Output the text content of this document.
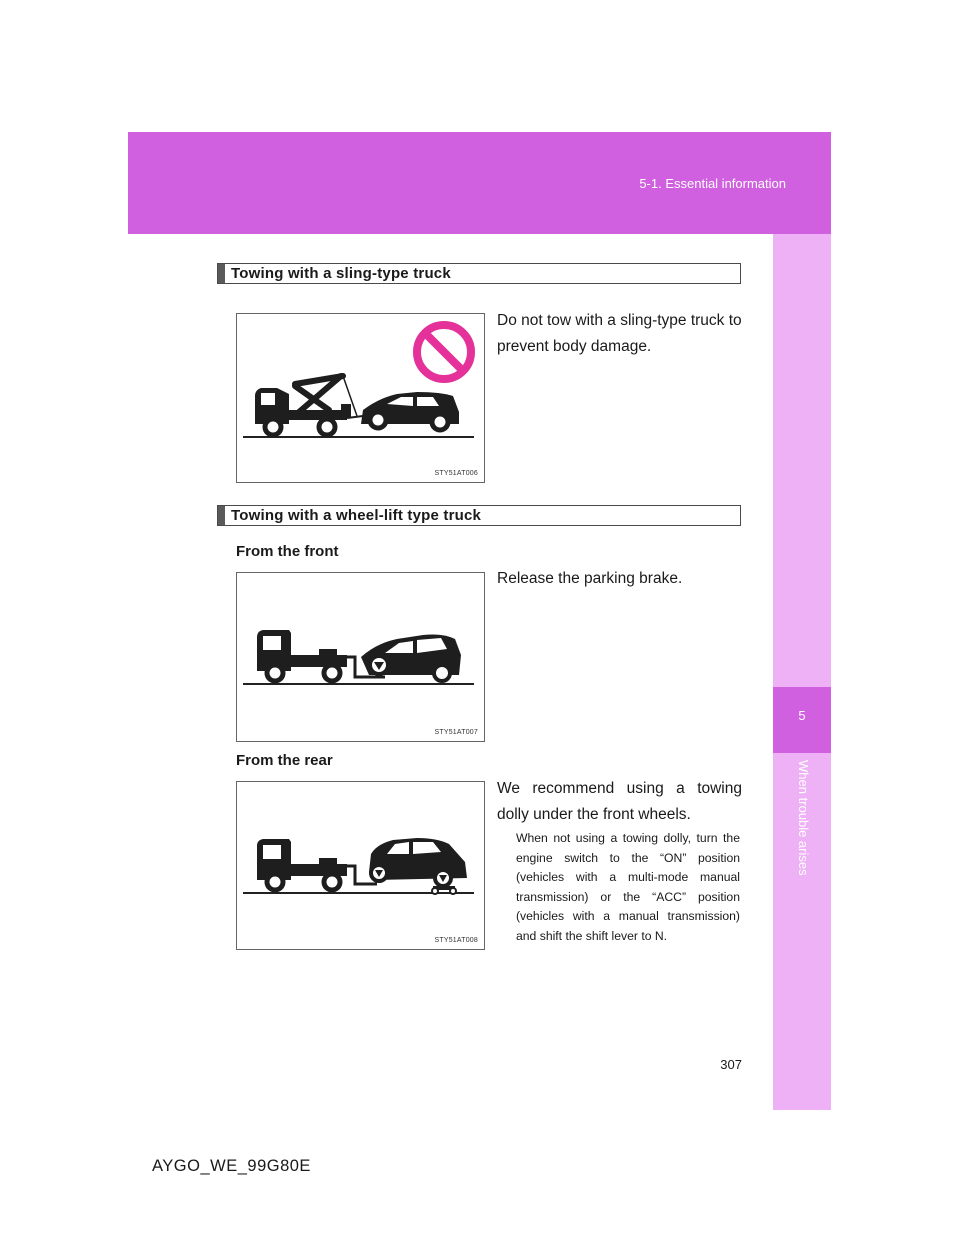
5-1. Essential information
5
When trouble arises
Towing with a sling-type truck
STY51AT006
Do not tow with a sling-type truck to prevent body damage.
Towing with a wheel-lift type truck
From the front
STY51AT007
Release the parking brake.
From the rear
STY51AT008
We recommend using a towing dolly under the front wheels.
When not using a towing dolly, turn the engine switch to the “ON” position (vehicles with a multi-mode manual transmission) or the “ACC” position (vehicles with a manual transmission) and shift the shift lever to N.
307
AYGO_WE_99G80E
